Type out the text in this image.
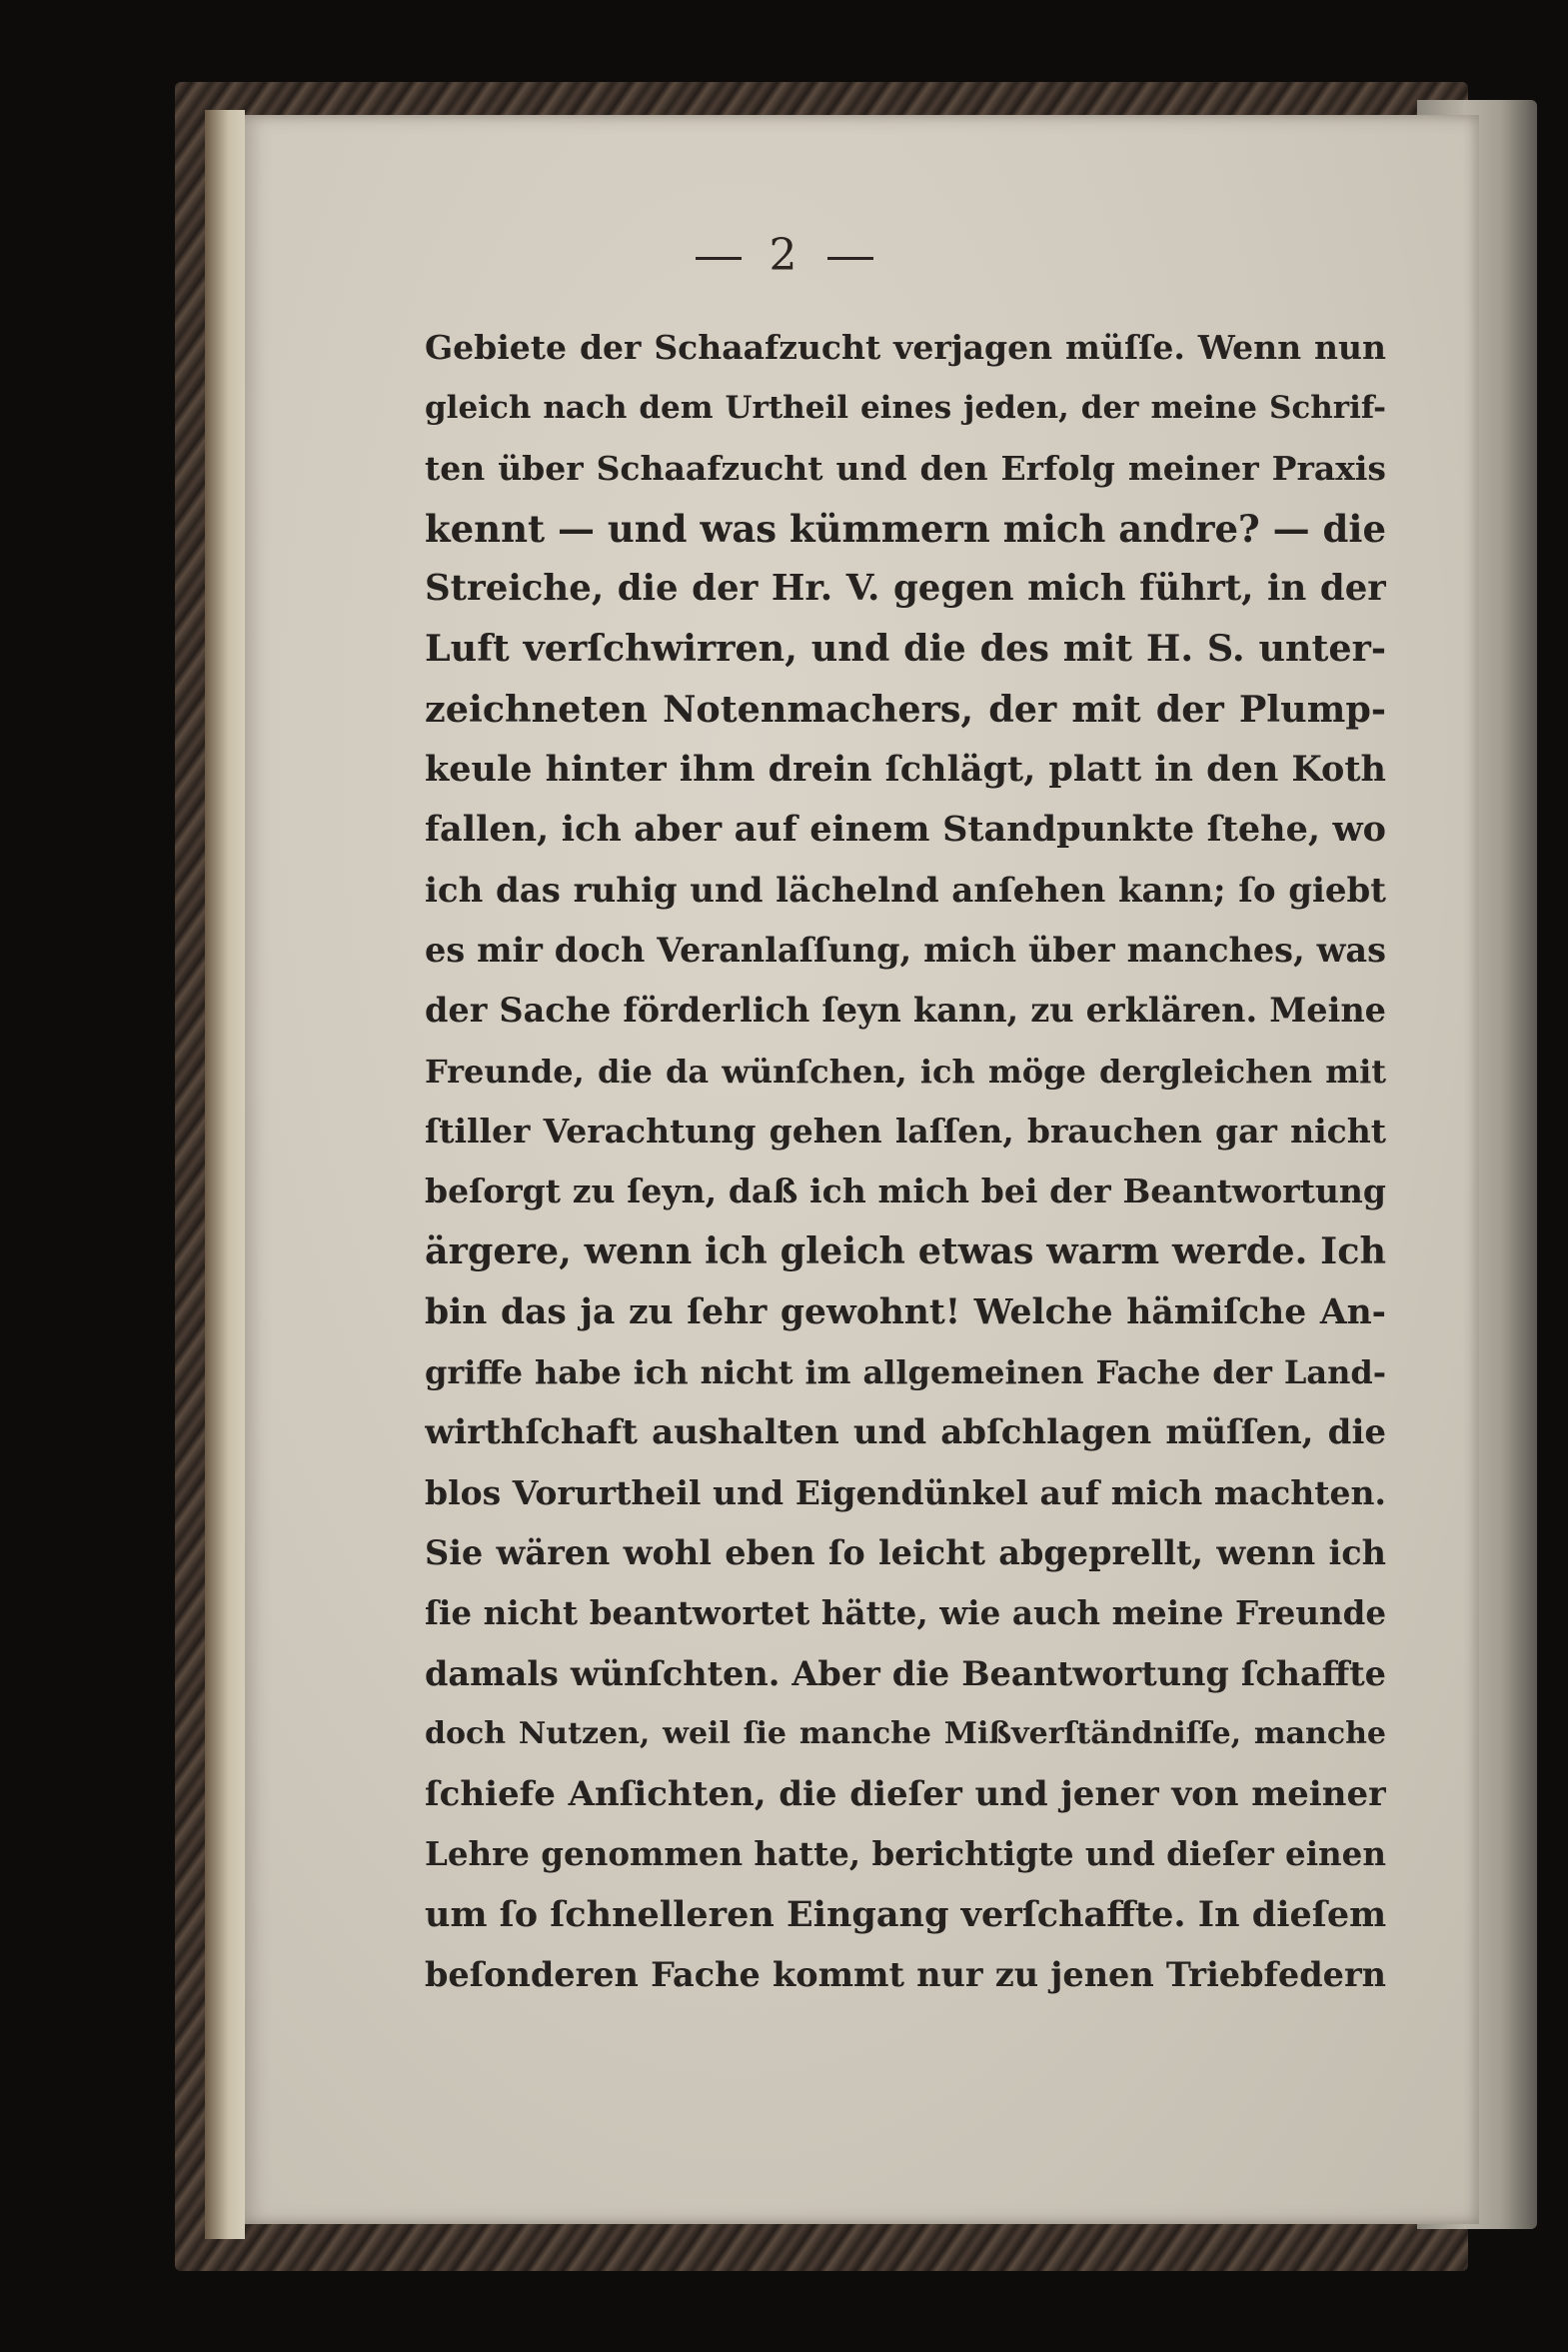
2
Gebiete der Schaafzucht verjagen müſſe. Wenn nun
gleich nach dem Urtheil eines jeden, der meine Schrif-
ten über Schaafzucht und den Erfolg meiner Praxis
kennt — und was kümmern mich andre? — die
Streiche, die der Hr. V. gegen mich führt, in der
Luft verſchwirren, und die des mit H. S. unter-
zeichneten Notenmachers, der mit der Plump-
keule hinter ihm drein ſchlägt, platt in den Koth
fallen, ich aber auf einem Standpunkte ſtehe, wo
ich das ruhig und lächelnd anſehen kann; ſo giebt
es mir doch Veranlaſſung, mich über manches, was
der Sache förderlich ſeyn kann, zu erklären. Meine
Freunde, die da wünſchen, ich möge dergleichen mit
ſtiller Verachtung gehen laſſen, brauchen gar nicht
beſorgt zu ſeyn, daß ich mich bei der Beantwortung
ärgere, wenn ich gleich etwas warm werde. Ich
bin das ja zu ſehr gewohnt! Welche hämiſche An-
griffe habe ich nicht im allgemeinen Fache der Land-
wirthſchaft aushalten und abſchlagen müſſen, die
blos Vorurtheil und Eigendünkel auf mich machten.
Sie wären wohl eben ſo leicht abgeprellt, wenn ich
ſie nicht beantwortet hätte, wie auch meine Freunde
damals wünſchten. Aber die Beantwortung ſchaffte
doch Nutzen, weil ſie manche Mißverſtändniſſe, manche
ſchiefe Anſichten, die dieſer und jener von meiner
Lehre genommen hatte, berichtigte und dieſer einen
um ſo ſchnelleren Eingang verſchaffte. In dieſem
beſonderen Fache kommt nur zu jenen Triebfedern
